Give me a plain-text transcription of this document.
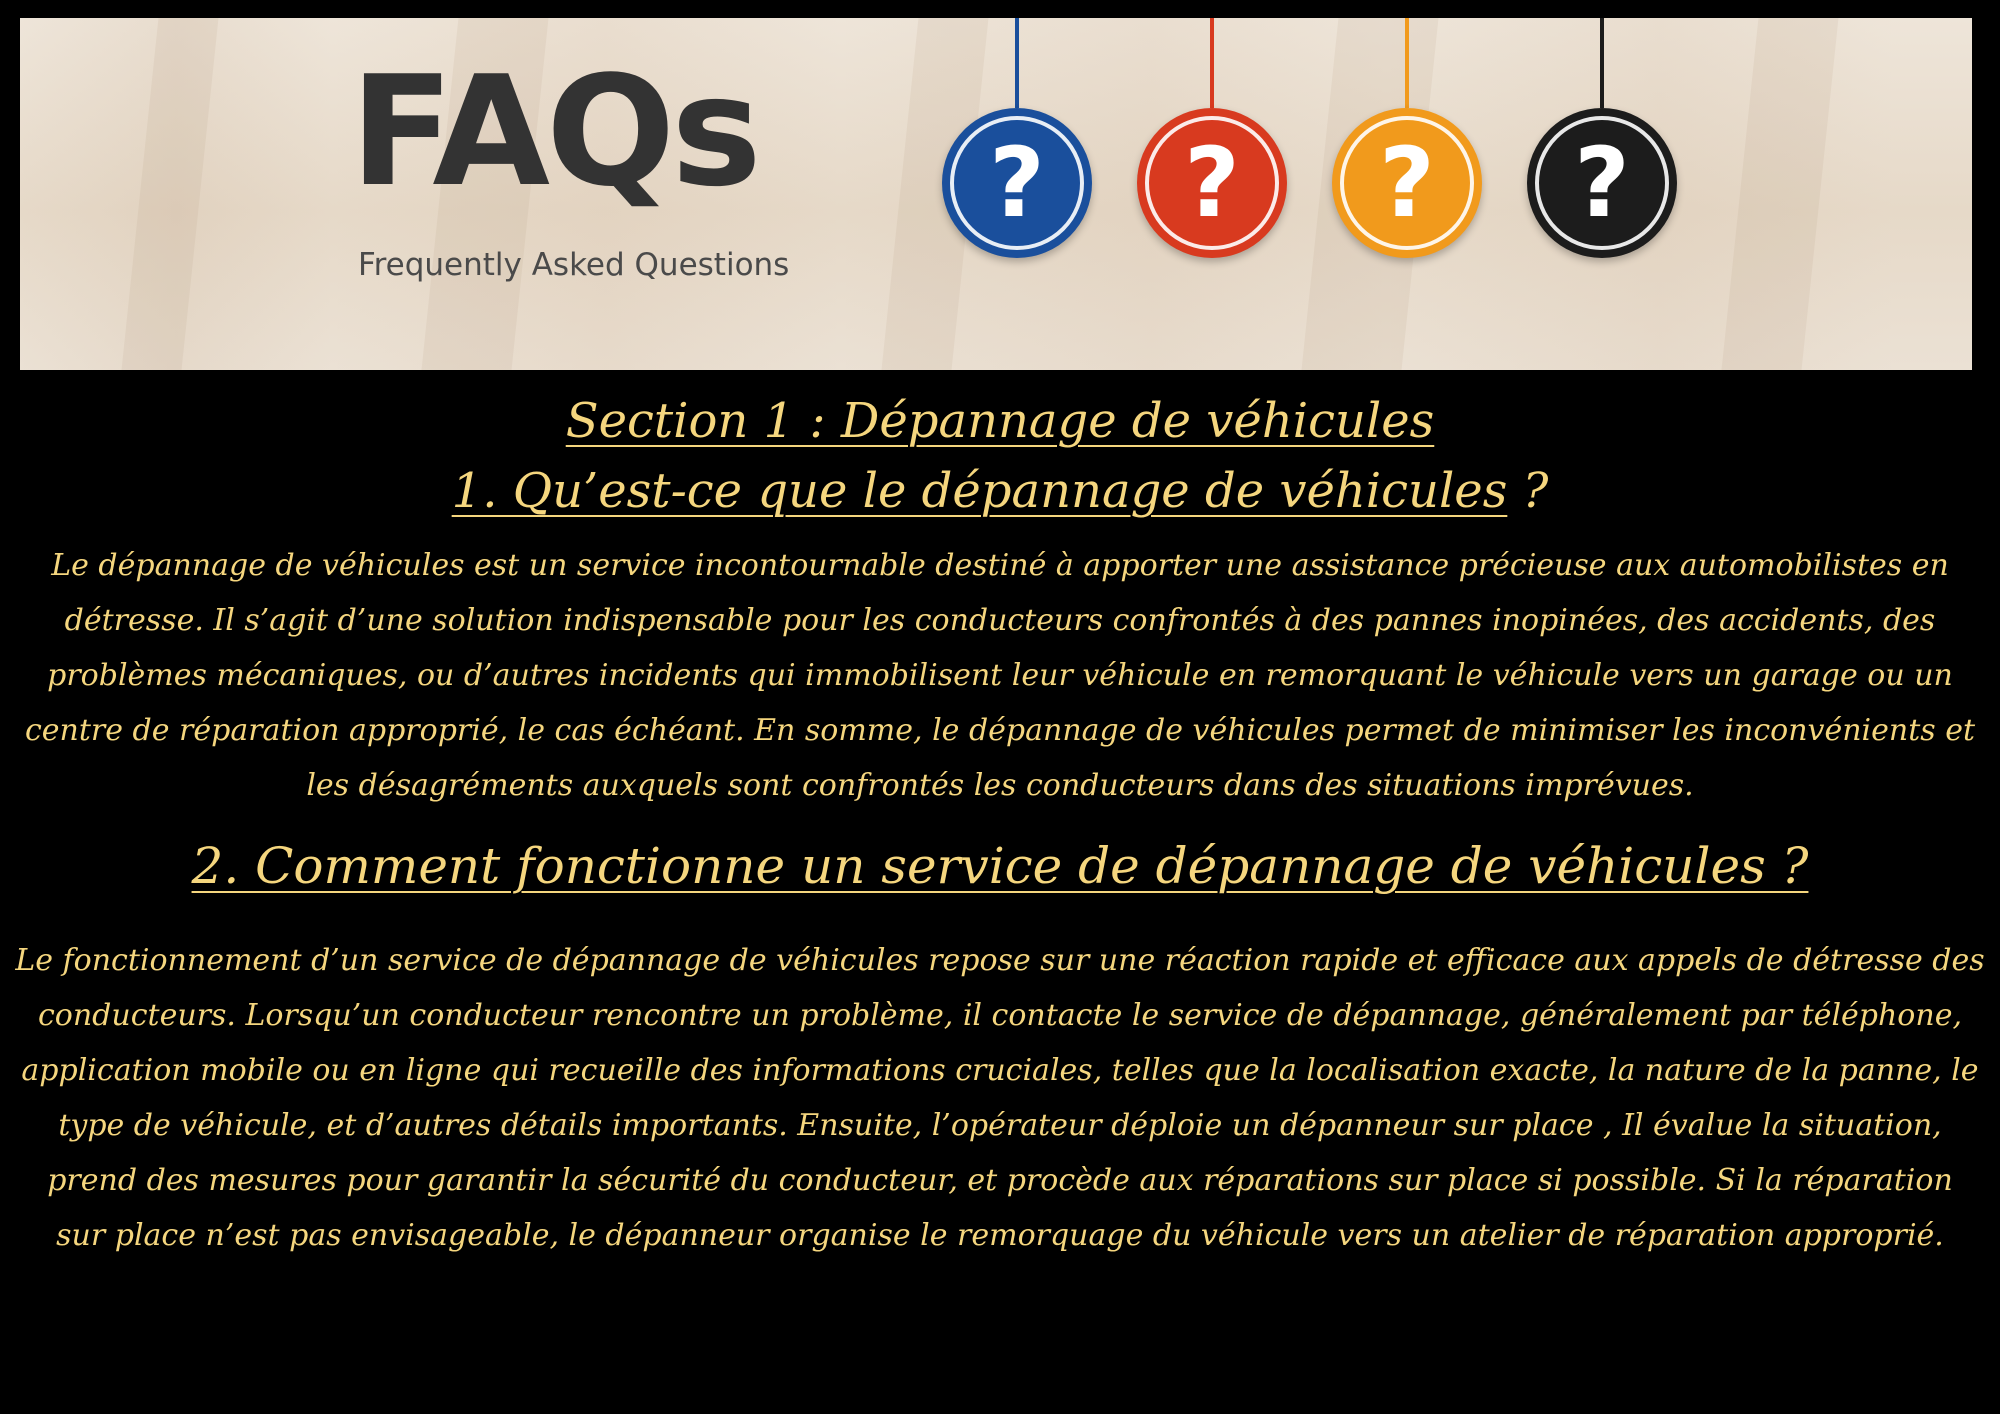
FAQs
Frequently Asked Questions
?	?	?	?
Section 1 : Dépannage de véhicules
1. Qu’est-ce que le dépannage de véhicules ?
Le dépannage de véhicules est un service incontournable destiné à apporter une assistance précieuse aux automobilistes en
détresse. Il s’agit d’une solution indispensable pour les conducteurs confrontés à des pannes inopinées, des accidents, des
problèmes mécaniques, ou d’autres incidents qui immobilisent leur véhicule en remorquant le véhicule vers un garage ou un
centre de réparation approprié, le cas échéant. En somme, le dépannage de véhicules permet de minimiser les inconvénients et
les désagréments auxquels sont confrontés les conducteurs dans des situations imprévues.
2. Comment fonctionne un service de dépannage de véhicules ?
Le fonctionnement d’un service de dépannage de véhicules repose sur une réaction rapide et efficace aux appels de détresse des
conducteurs. Lorsqu’un conducteur rencontre un problème, il contacte le service de dépannage, généralement par téléphone,
application mobile ou en ligne qui recueille des informations cruciales, telles que la localisation exacte, la nature de la panne, le
type de véhicule, et d’autres détails importants. Ensuite, l’opérateur déploie un dépanneur sur place , Il évalue la situation,
prend des mesures pour garantir la sécurité du conducteur, et procède aux réparations sur place si possible. Si la réparation
sur place n’est pas envisageable, le dépanneur organise le remorquage du véhicule vers un atelier de réparation approprié.
